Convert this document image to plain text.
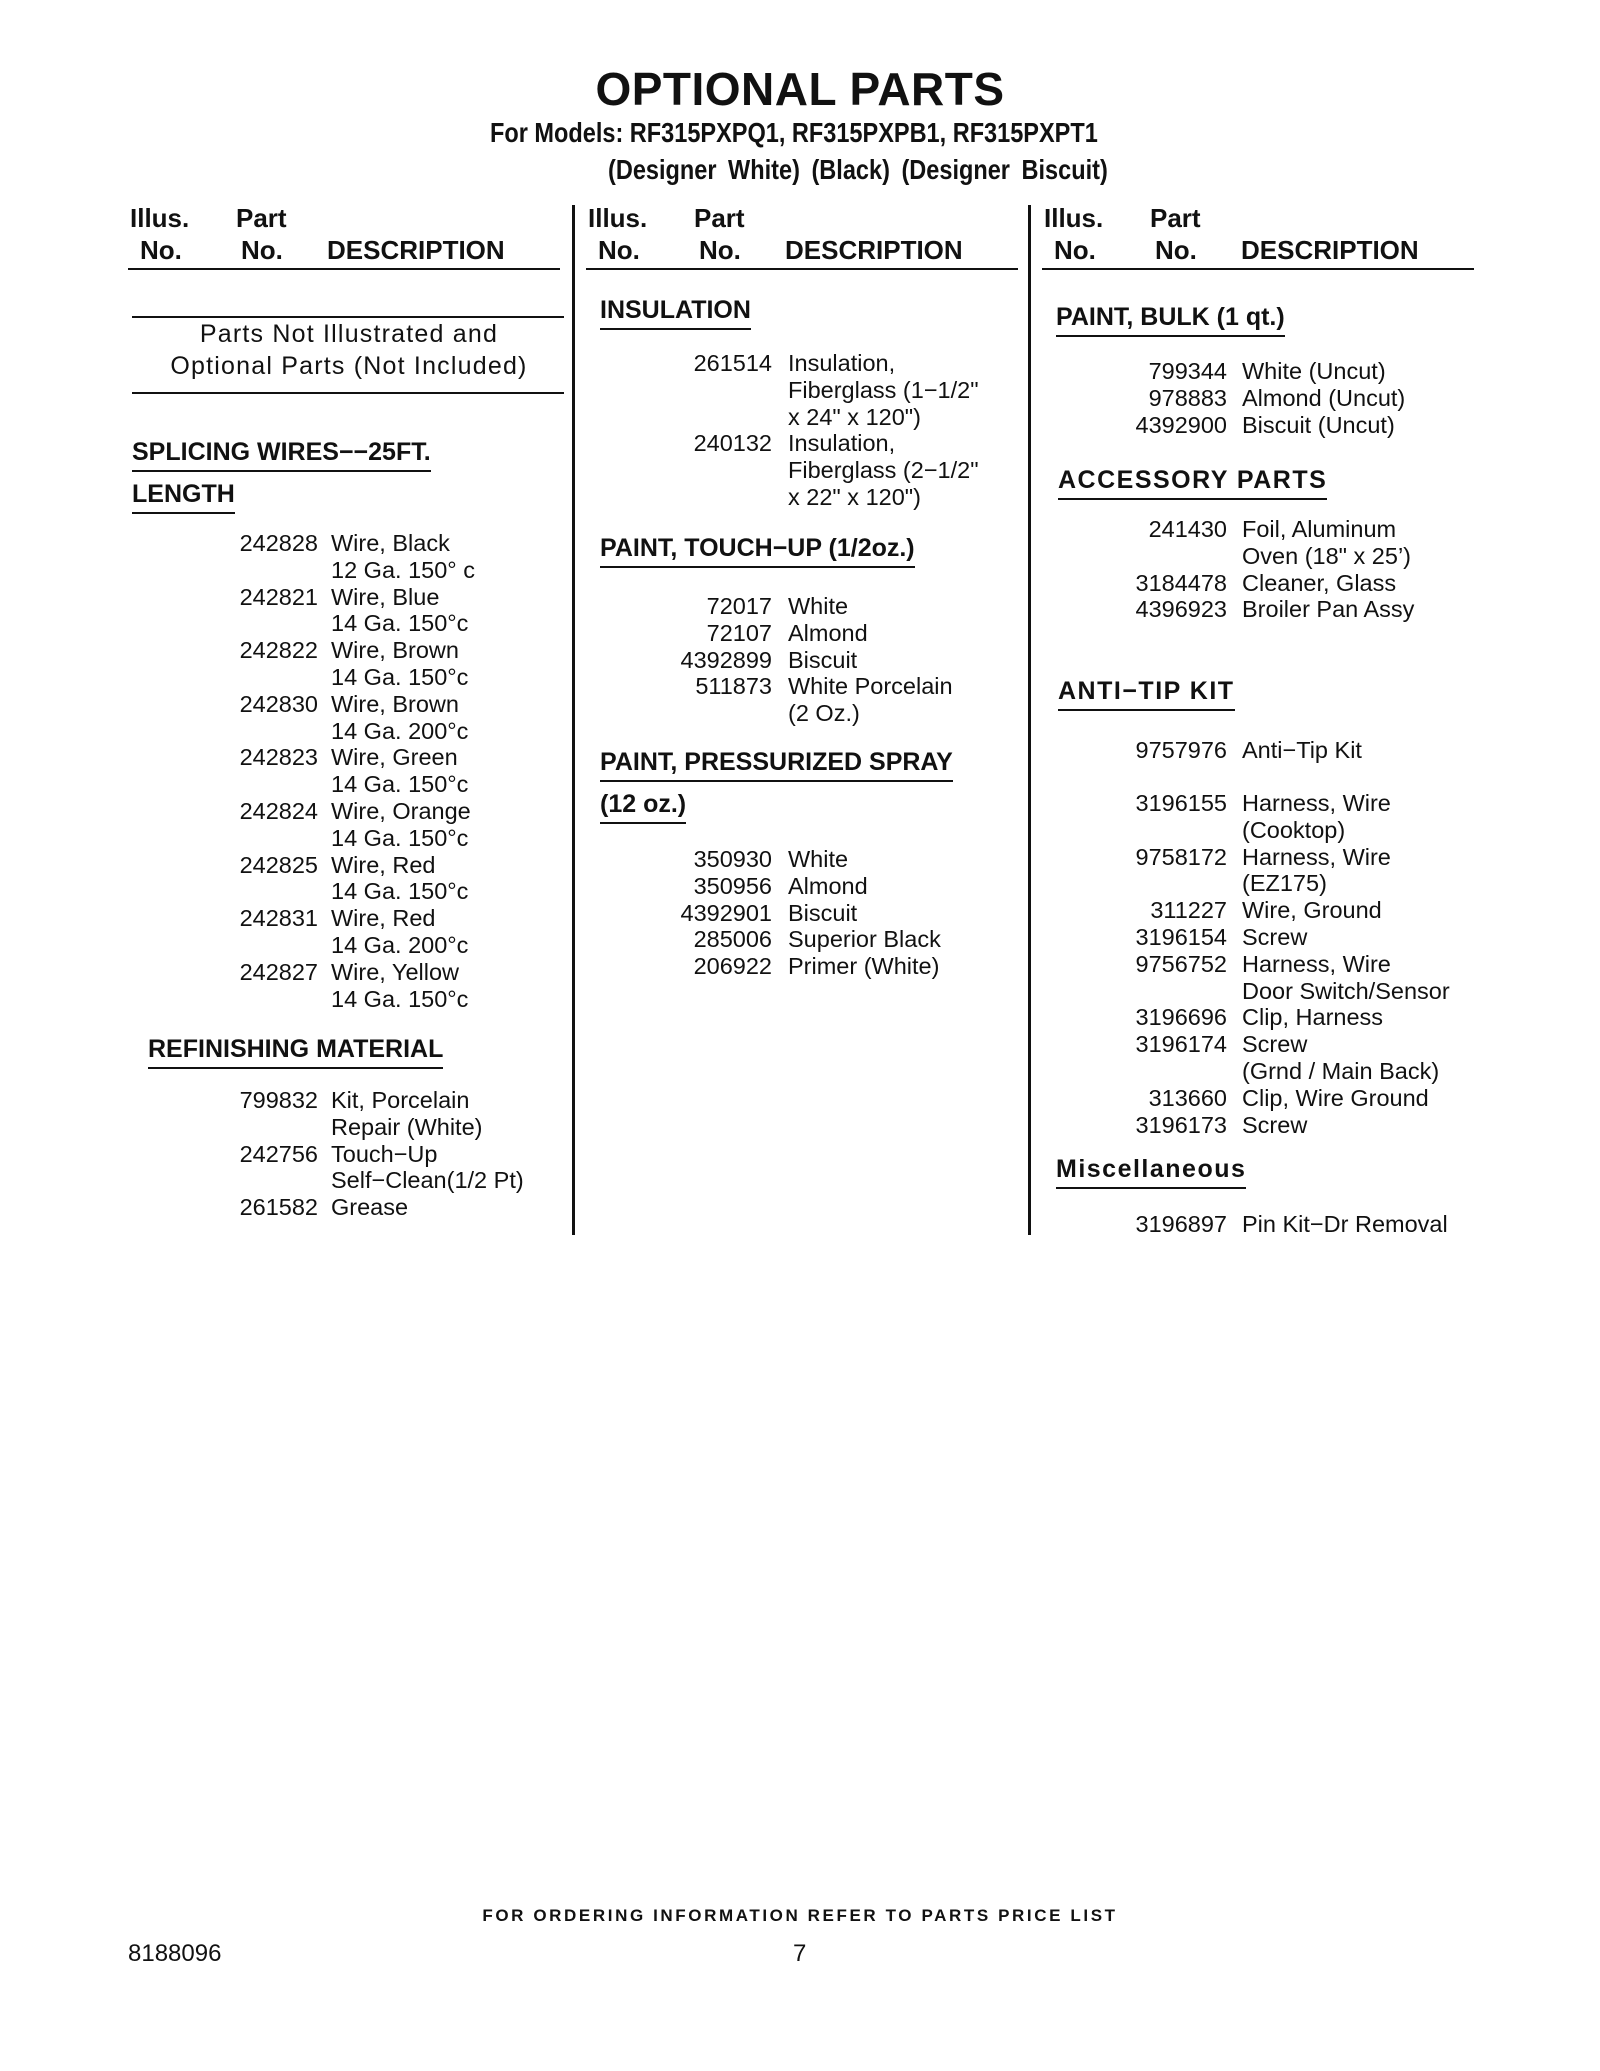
OPTIONAL PARTS
For Models: RF315PXPQ1, RF315PXPB1, RF315PXPT1
(Designer White) (Black) (Designer Biscuit)
Illus.
No.
Part
No. DESCRIPTION
Parts Not Illustrated and
Optional Parts (Not Included)
SPLICING WIRES−−25FT.
LENGTH
242828 Wire, Black
12 Ga. 150° c
242821 Wire, Blue
14 Ga. 150°c
242822 Wire, Brown
14 Ga. 150°c
242830 Wire, Brown
14 Ga. 200°c
242823 Wire, Green
14 Ga. 150°c
242824 Wire, Orange
14 Ga. 150°c
242825 Wire, Red
14 Ga. 150°c
242831 Wire, Red
14 Ga. 200°c
242827 Wire, Yellow
14 Ga. 150°c
REFINISHING MATERIAL
799832 Kit, Porcelain
Repair (White)
242756 Touch−Up
Self−Clean(1/2 Pt)
261582 Grease
Illus.
No.
Part
No. DESCRIPTION
INSULATION
261514 Insulation,
Fiberglass (1−1/2"
x 24" x 120")
240132 Insulation,
Fiberglass (2−1/2"
x 22" x 120")
PAINT, TOUCH−UP (1/2oz.)
72017 White
72107 Almond
4392899 Biscuit
511873 White Porcelain
(2 Oz.)
PAINT, PRESSURIZED SPRAY
(12 oz.)
350930 White
350956 Almond
4392901 Biscuit
285006 Superior Black
206922 Primer (White)
Illus.
No.
Part
No. DESCRIPTION
PAINT, BULK (1 qt.)
799344 White (Uncut)
978883 Almond (Uncut)
4392900 Biscuit (Uncut)
ACCESSORY PARTS
241430 Foil, Aluminum
Oven (18" x 25’)
3184478 Cleaner, Glass
4396923 Broiler Pan Assy
ANTI−TIP KIT
9757976 Anti−Tip Kit
3196155 Harness, Wire
(Cooktop)
9758172 Harness, Wire
(EZ175)
311227 Wire, Ground
3196154 Screw
9756752 Harness, Wire
Door Switch/Sensor
3196696 Clip, Harness
3196174 Screw
(Grnd / Main Back)
313660 Clip, Wire Ground
3196173 Screw
Miscellaneous
3196897 Pin Kit−Dr Removal
FOR ORDERING INFORMATION REFER TO PARTS PRICE LIST
8188096	7
